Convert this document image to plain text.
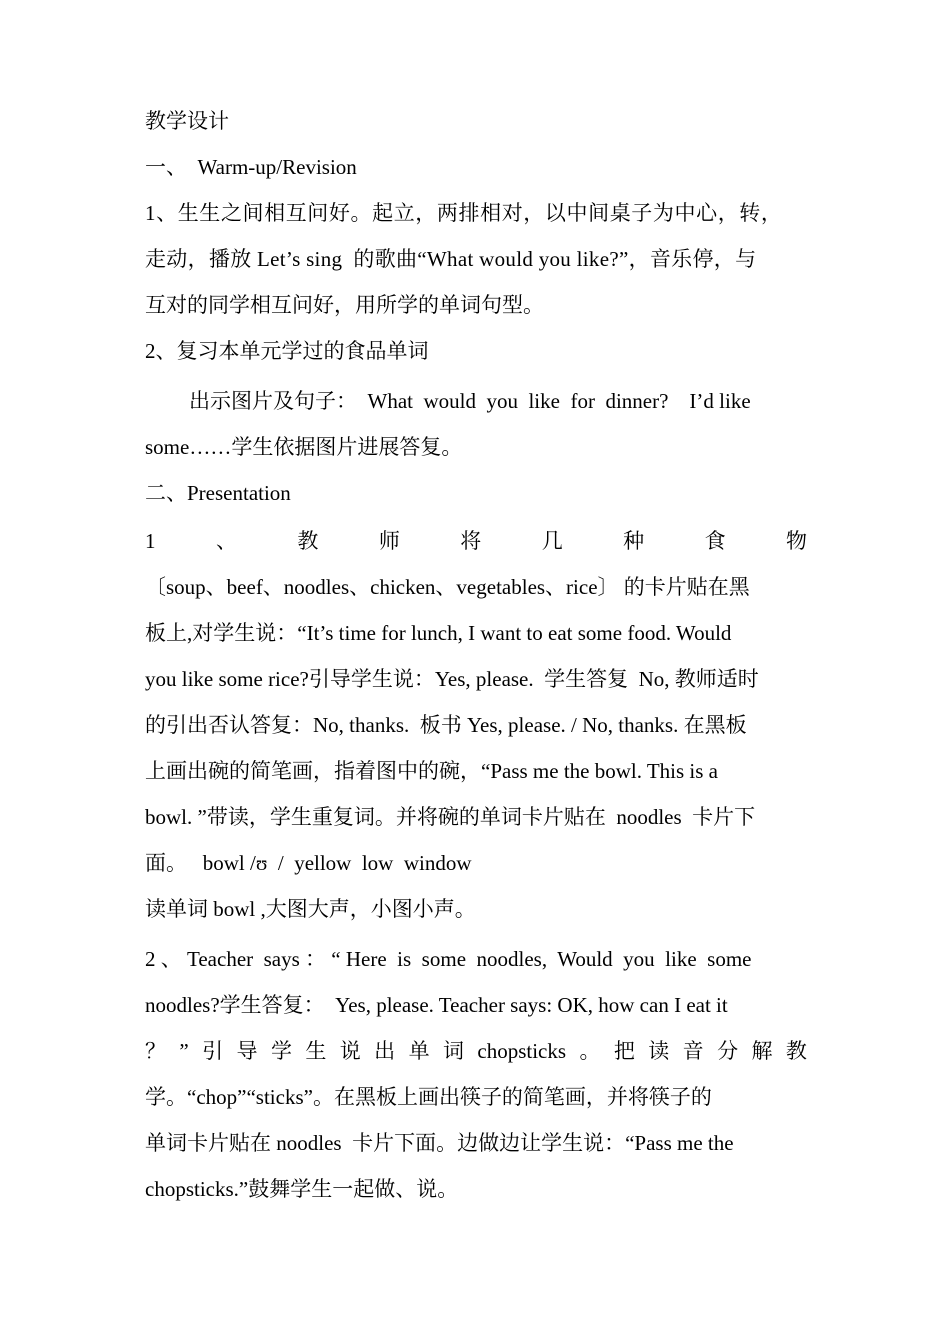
教学设计

一、  Warm-up/Revision

1、生生之间相互问好。起立，两排相对，以中间桌子为中心，转，

走动，播放 Let’s sing  的歌曲“What would you like?”，音乐停，与

互对的同学相互问好，用所学的单词句型。

2、复习本单元学过的食品单词

出示图片及句子：  What  would  you  like  for  dinner?    I’d like

some……学生依据图片进展答复。

二、Presentation

1	、	教	师	将	几	种	食	物

〔soup、beef、noodles、chicken、vegetables、rice〕 的卡片贴在黑

板上,对学生说：“It’s time for lunch, I want to eat some food. Would

you like some rice?引导学生说：Yes, please.  学生答复  No, 教师适时

的引出否认答复：No, thanks.  板书 Yes, please. / No, thanks. 在黑板

上画出碗的简笔画，指着图中的碗，“Pass me the bowl. This is a

bowl. ”带读，学生重复词。并将碗的单词卡片贴在  noodles  卡片下

面。   bowl /ʊ  /  yellow  low  window

读单词 bowl ,大图大声，小图小声。

2 、 Teacher  says ： “ Here  is  some  noodles,  Would  you  like  some

noodles?学生答复：  Yes, please. Teacher says: OK, how can I eat it

？ ” 引 导 学 生 说 出 单 词 chopsticks 。 把 读 音 分 解 教

学。“chop”“sticks”。在黑板上画出筷子的简笔画，并将筷子的

单词卡片贴在 noodles  卡片下面。边做边让学生说：“Pass me the

chopsticks.”鼓舞学生一起做、说。
